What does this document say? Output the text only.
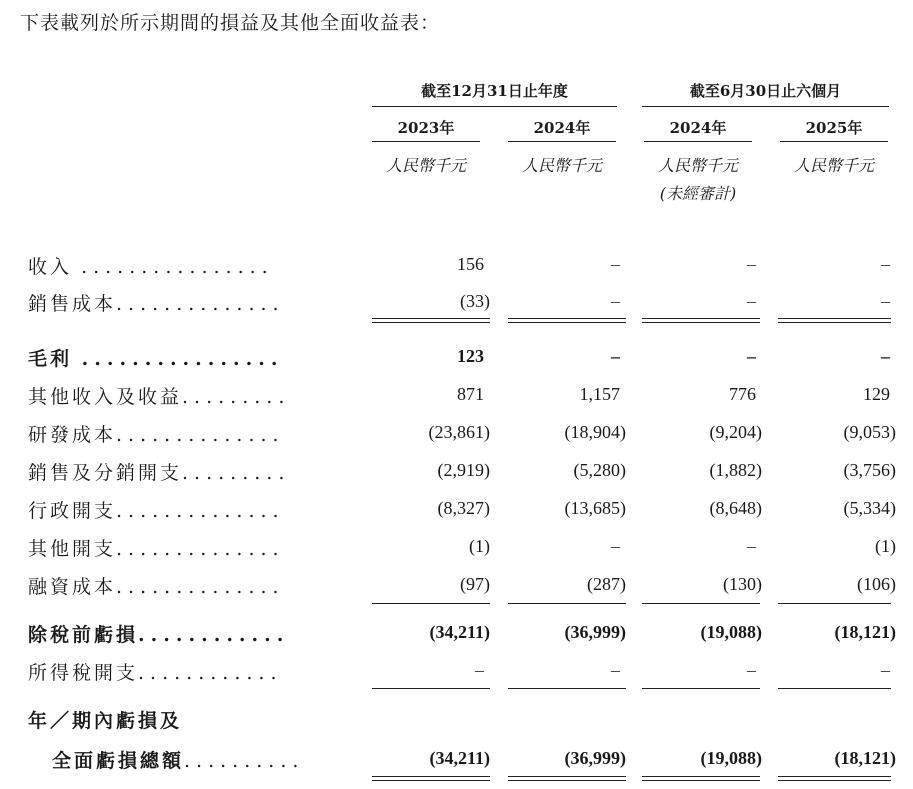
下表載列於所示期間的損益及其他全面收益表：
截至12月31日止年度	截至6月30日止六個月
2023年	2024年	2024年	2025年
人民幣千元	人民幣千元	人民幣千元	人民幣千元
(未經審計)
收入 ................	156	–	–	–
銷售成本..............	(33)	–	–	–
毛利 ................	123	–	–	–
其他收入及收益.........	871	1,157	776	129
研發成本..............	(23,861)	(18,904)	(9,204)	(9,053)
銷售及分銷開支.........	(2,919)	(5,280)	(1,882)	(3,756)
行政開支..............	(8,327)	(13,685)	(8,648)	(5,334)
其他開支..............	(1)	–	–	(1)
融資成本..............	(97)	(287)	(130)	(106)
除稅前虧損............	(34,211)	(36,999)	(19,088)	(18,121)
所得稅開支............	–	–	–	–
年／期內虧損及
全面虧損總額..........	(34,211)	(36,999)	(19,088)	(18,121)
